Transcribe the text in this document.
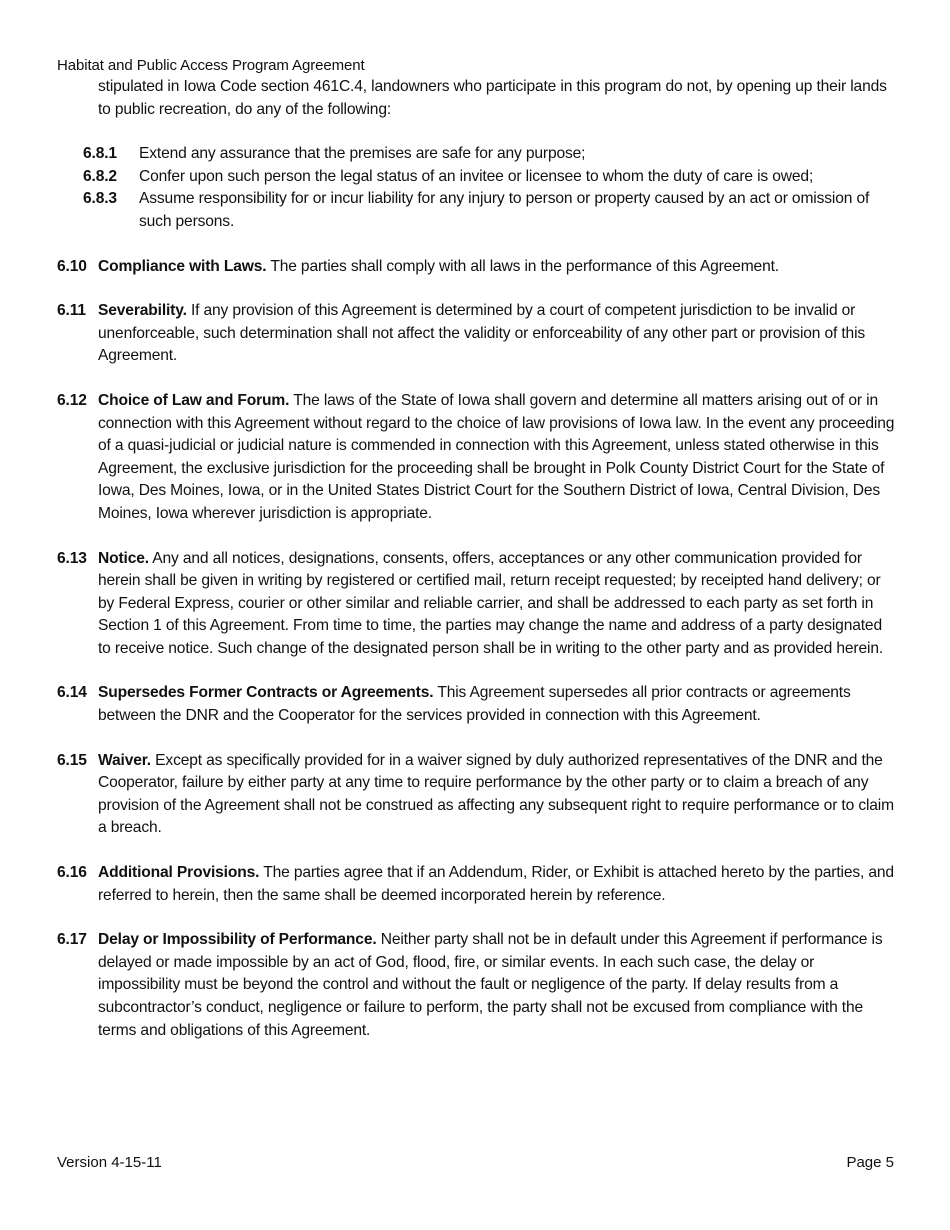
Habitat and Public Access Program Agreement
stipulated in Iowa Code section 461C.4, landowners who participate in this program do not, by opening up their lands to public recreation, do any of the following:
6.8.1	Extend any assurance that the premises are safe for any purpose;
6.8.2	Confer upon such person the legal status of an invitee or licensee to whom the duty of care is owed;
6.8.3	Assume responsibility for or incur liability for any injury to person or property caused by an act or omission of such persons.
6.10 Compliance with Laws. The parties shall comply with all laws in the performance of this Agreement.
6.11 Severability. If any provision of this Agreement is determined by a court of competent jurisdiction to be invalid or unenforceable, such determination shall not affect the validity or enforceability of any other part or provision of this Agreement.
6.12 Choice of Law and Forum. The laws of the State of Iowa shall govern and determine all matters arising out of or in connection with this Agreement without regard to the choice of law provisions of Iowa law. In the event any proceeding of a quasi-judicial or judicial nature is commended in connection with this Agreement, unless stated otherwise in this Agreement, the exclusive jurisdiction for the proceeding shall be brought in Polk County District Court for the State of Iowa, Des Moines, Iowa, or in the United States District Court for the Southern District of Iowa, Central Division, Des Moines, Iowa wherever jurisdiction is appropriate.
6.13 Notice. Any and all notices, designations, consents, offers, acceptances or any other communication provided for herein shall be given in writing by registered or certified mail, return receipt requested; by receipted hand delivery; or by Federal Express, courier or other similar and reliable carrier, and shall be addressed to each party as set forth in Section 1 of this Agreement. From time to time, the parties may change the name and address of a party designated to receive notice. Such change of the designated person shall be in writing to the other party and as provided herein.
6.14 Supersedes Former Contracts or Agreements. This Agreement supersedes all prior contracts or agreements between the DNR and the Cooperator for the services provided in connection with this Agreement.
6.15 Waiver. Except as specifically provided for in a waiver signed by duly authorized representatives of the DNR and the Cooperator, failure by either party at any time to require performance by the other party or to claim a breach of any provision of the Agreement shall not be construed as affecting any subsequent right to require performance or to claim a breach.
6.16 Additional Provisions. The parties agree that if an Addendum, Rider, or Exhibit is attached hereto by the parties, and referred to herein, then the same shall be deemed incorporated herein by reference.
6.17 Delay or Impossibility of Performance. Neither party shall not be in default under this Agreement if performance is delayed or made impossible by an act of God, flood, fire, or similar events. In each such case, the delay or impossibility must be beyond the control and without the fault or negligence of the party. If delay results from a subcontractor’s conduct, negligence or failure to perform, the party shall not be excused from compliance with the terms and obligations of this Agreement.
Version 4-15-11	Page 5
